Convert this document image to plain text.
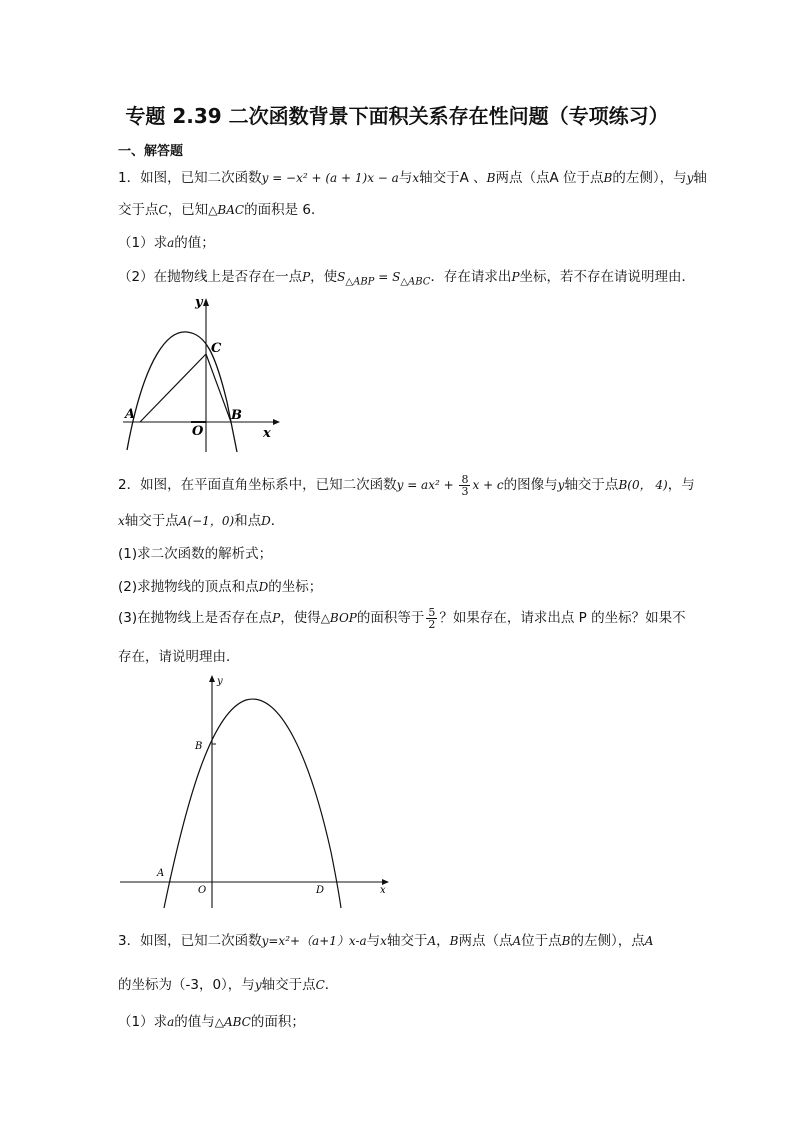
专题 2.39 二次函数背景下面积关系存在性问题（专项练习）
一、解答题
1．如图，已知二次函数y = −x² + (a + 1)x − a与x轴交于A 、B两点（点A 位于点B的左侧），与y轴
交于点C，已知△BAC的面积是 6．
（1）求a的值；
（2）在抛物线上是否存在一点P，使$S_{\triangle ABP} = S_{\triangle ABC}$．存在请求出P坐标，若不存在请说明理由．
y
C
A
O
B
x
2．如图，在平面直角坐标系中，已知二次函数$y = ax^2 + \frac{8}{3}$ x + c的图像与y轴交于点B(0， 4)，与
x轴交于点A(−1，0)和点D．
(1)求二次函数的解析式；
(2)求抛物线的顶点和点D的坐标；
(3)在抛物线上是否存在点P，使得△BOP的面积等于 $\frac{5}{2}$ ？如果存在，请求出点 P 的坐标？如果不
存在，请说明理由．
y
B
A
O	D	x
3．如图，已知二次函数y=x²+（a+1）x-a与x轴交于A，B两点（点A位于点B的左侧），点A
的坐标为（-3，0），与y轴交于点C．
（1）求a的值与△ABC的面积；
